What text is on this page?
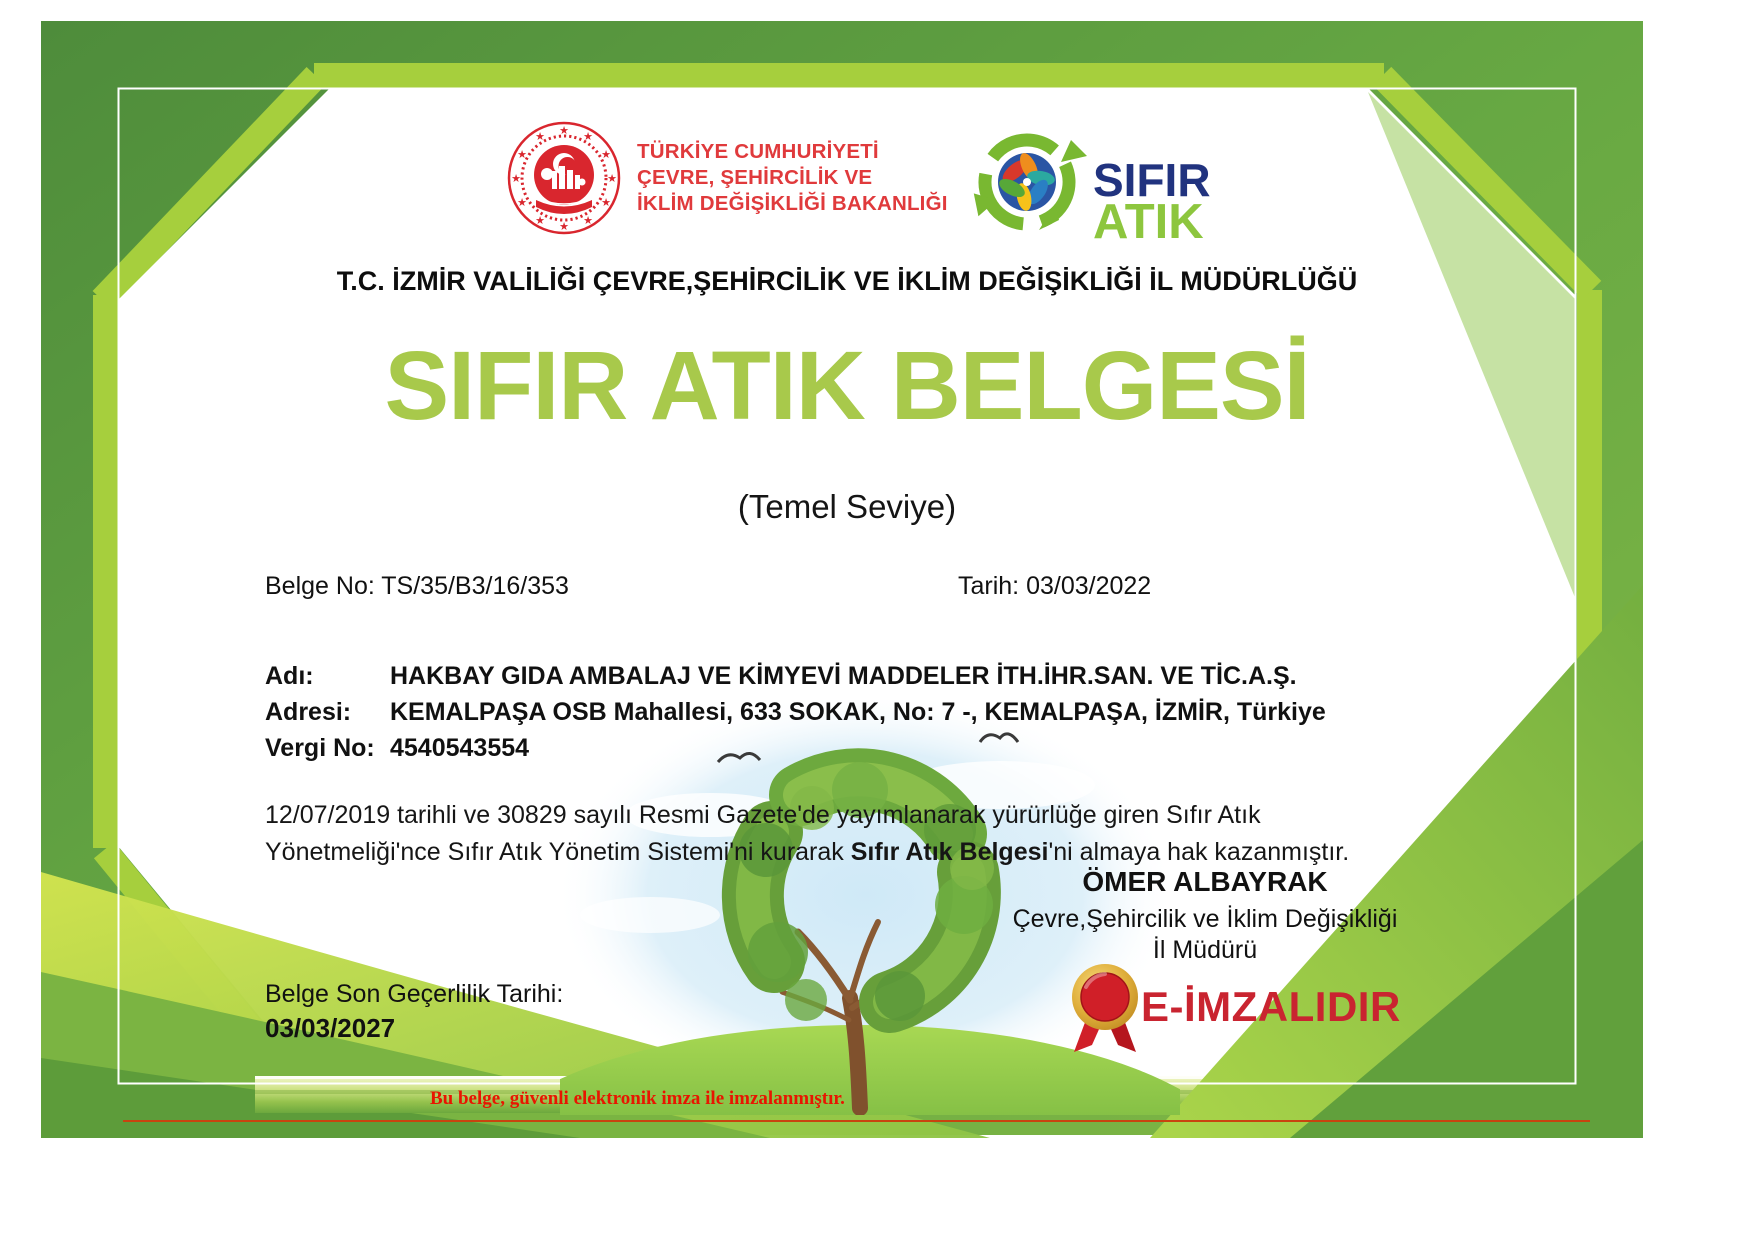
★
★
★
★
★
★
★
★
★ ★ ★
★ TÜRKİYE CUMHURİYETİ
ÇEVRE, ŞEHİRCİLİK VE
İKLİM DEĞİŞİKLİĞİ BAKANLIĞI	SIFIR
ATIK
T.C. İZMİR VALİLİĞİ ÇEVRE,ŞEHİRCİLİK VE İKLİM DEĞİŞİKLİĞİ İL MÜDÜRLÜĞÜ
SIFIR ATIK BELGESİ
(Temel Seviye)
Belge No: TS/35/B3/16/353	Tarih: 03/03/2022
Adı:	HAKBAY GIDA AMBALAJ VE KİMYEVİ MADDELER İTH.İHR.SAN. VE TİC.A.Ş.
Adresi:	KEMALPAŞA OSB Mahallesi, 633 SOKAK, No: 7 -, KEMALPAŞA, İZMİR, Türkiye
Vergi No: 4540543554
12/07/2019 tarihli ve 30829 sayılı Resmi Gazete'de yayımlanarak yürürlüğe giren Sıfır Atık Yönetmeliği'nce Sıfır Atık Yönetim Sistemi'ni kurarak Sıfır Atık Belgesi'ni almaya hak kazanmıştır.
ÖMER ALBAYRAK
Çevre,Şehircilik ve İklim Değişikliği
İl Müdürü
E-İMZALIDIR
Belge Son Geçerlilik Tarihi:
03/03/2027
Bu belge, güvenli elektronik imza ile imzalanmıştır.
